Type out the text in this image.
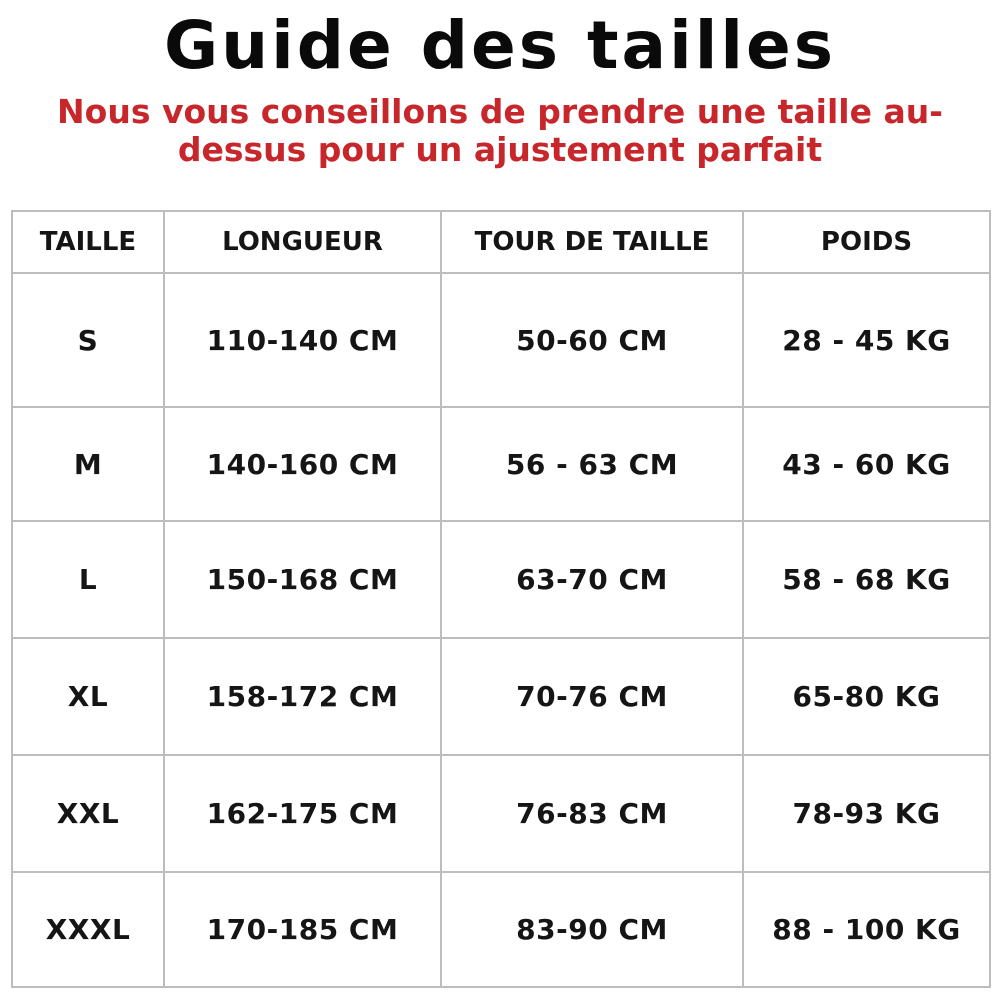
Guide des tailles
Nous vous conseillons de prendre une taille au-dessus pour un ajustement parfait
TAILLE	LONGUEUR	TOUR DE TAILLE	POIDS
S	110-140 CM	50-60 CM	28 - 45 KG
M	140-160 CM	56 - 63 CM	43 - 60 KG
L	150-168 CM	63-70 CM	58 - 68 KG
XL	158-172 CM	70-76 CM	65-80 KG
XXL	162-175 CM	76-83 CM	78-93 KG
XXXL	170-185 CM	83-90 CM	88 - 100 KG
